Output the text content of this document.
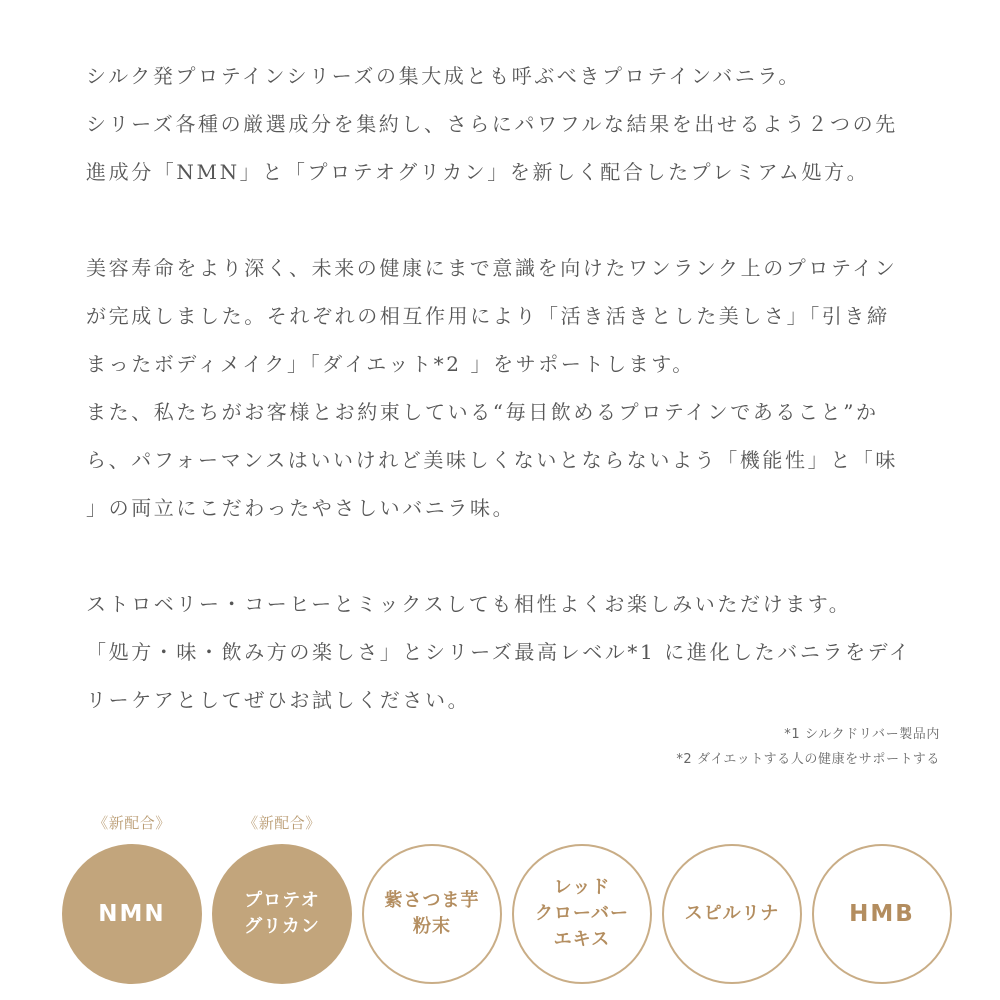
シルク発プロテインシリーズの集大成とも呼ぶべきプロテインバニラ。
シリーズ各種の厳選成分を集約し、さらにパワフルな結果を出せるよう２つの先
進成分「NMN」と「プロテオグリカン」を新しく配合したプレミアム処方。
美容寿命をより深く、未来の健康にまで意識を向けたワンランク上のプロテイン
が完成しました。それぞれの相互作用により「活き活きとした美しさ」「引き締
まったボディメイク」「ダイエット*2 」をサポートします。
また、私たちがお客様とお約束している“毎日飲めるプロテインであること”か
ら、パフォーマンスはいいけれど美味しくないとならないよう「機能性」と「味
」の両立にこだわったやさしいバニラ味。
ストロベリー・コーヒーとミックスしても相性よくお楽しみいただけます。
「処方・味・飲み方の楽しさ」とシリーズ最高レベル*1 に進化したバニラをデイ
リーケアとしてぜひお試しください。
*1 シルクドリバー製品内
*2 ダイエットする人の健康をサポートする
《新配合》
NMN
《新配合》
プロテオ
グリカン
紫さつま芋
粉末
レッド
クローバー
エキス
スピルリナ	HMB
